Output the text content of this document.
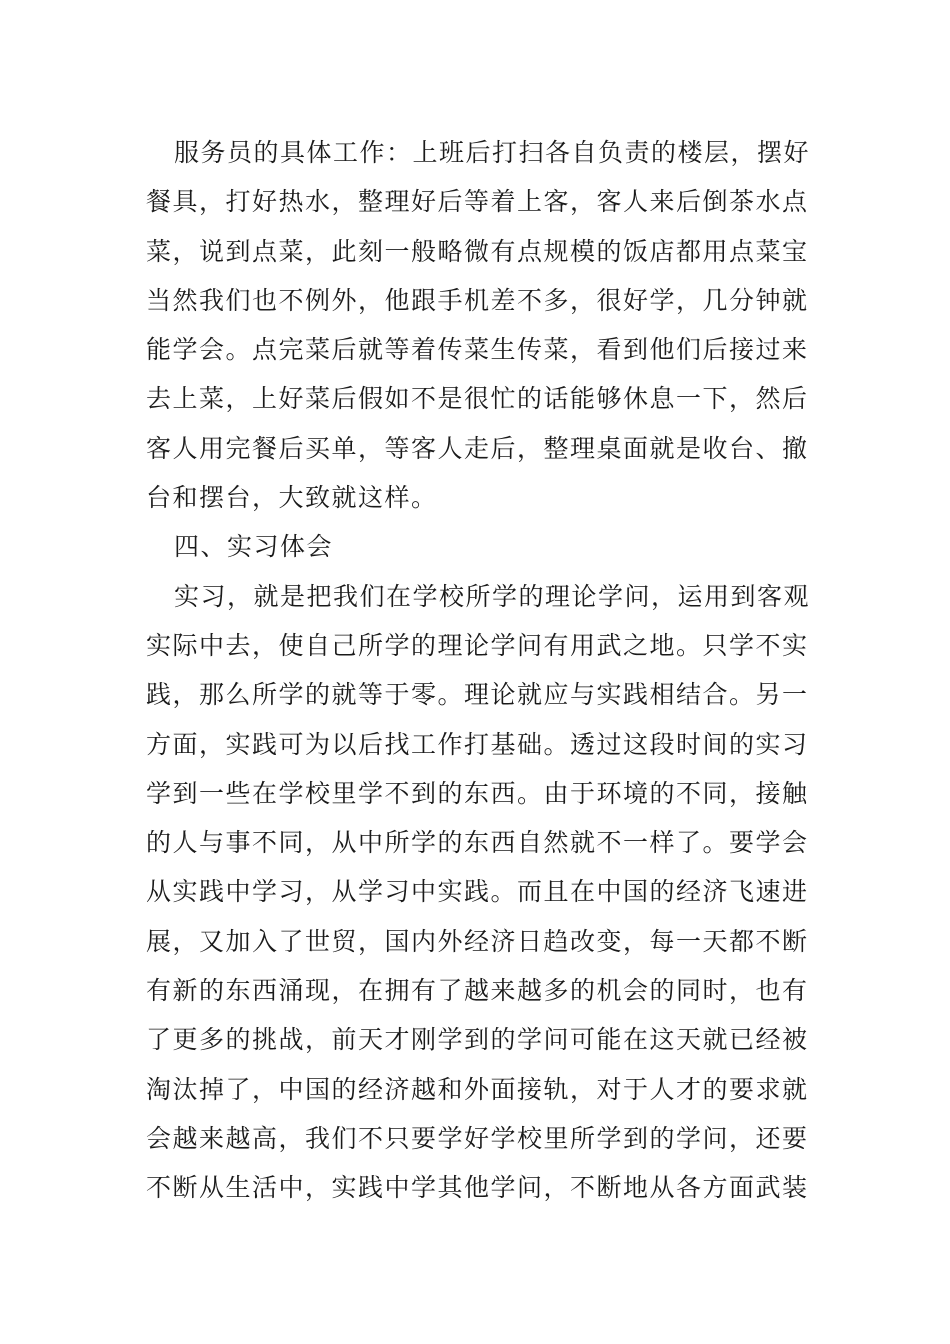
服务员的具体工作：上班后打扫各自负责的楼层，摆好
餐具，打好热水，整理好后等着上客，客人来后倒茶水点
菜，说到点菜，此刻一般略微有点规模的饭店都用点菜宝
当然我们也不例外，他跟手机差不多，很好学，几分钟就
能学会。点完菜后就等着传菜生传菜，看到他们后接过来
去上菜，上好菜后假如不是很忙的话能够休息一下，然后
客人用完餐后买单，等客人走后，整理桌面就是收台、撤
台和摆台，大致就这样。
四、实习体会
实习，就是把我们在学校所学的理论学问，运用到客观
实际中去，使自己所学的理论学问有用武之地。只学不实
践，那么所学的就等于零。理论就应与实践相结合。另一
方面，实践可为以后找工作打基础。透过这段时间的实习
学到一些在学校里学不到的东西。由于环境的不同，接触
的人与事不同，从中所学的东西自然就不一样了。要学会
从实践中学习，从学习中实践。而且在中国的经济飞速进
展，又加入了世贸，国内外经济日趋改变，每一天都不断
有新的东西涌现，在拥有了越来越多的机会的同时，也有
了更多的挑战，前天才刚学到的学问可能在这天就已经被
淘汰掉了，中国的经济越和外面接轨，对于人才的要求就
会越来越高，我们不只要学好学校里所学到的学问，还要
不断从生活中，实践中学其他学问，不断地从各方面武装
